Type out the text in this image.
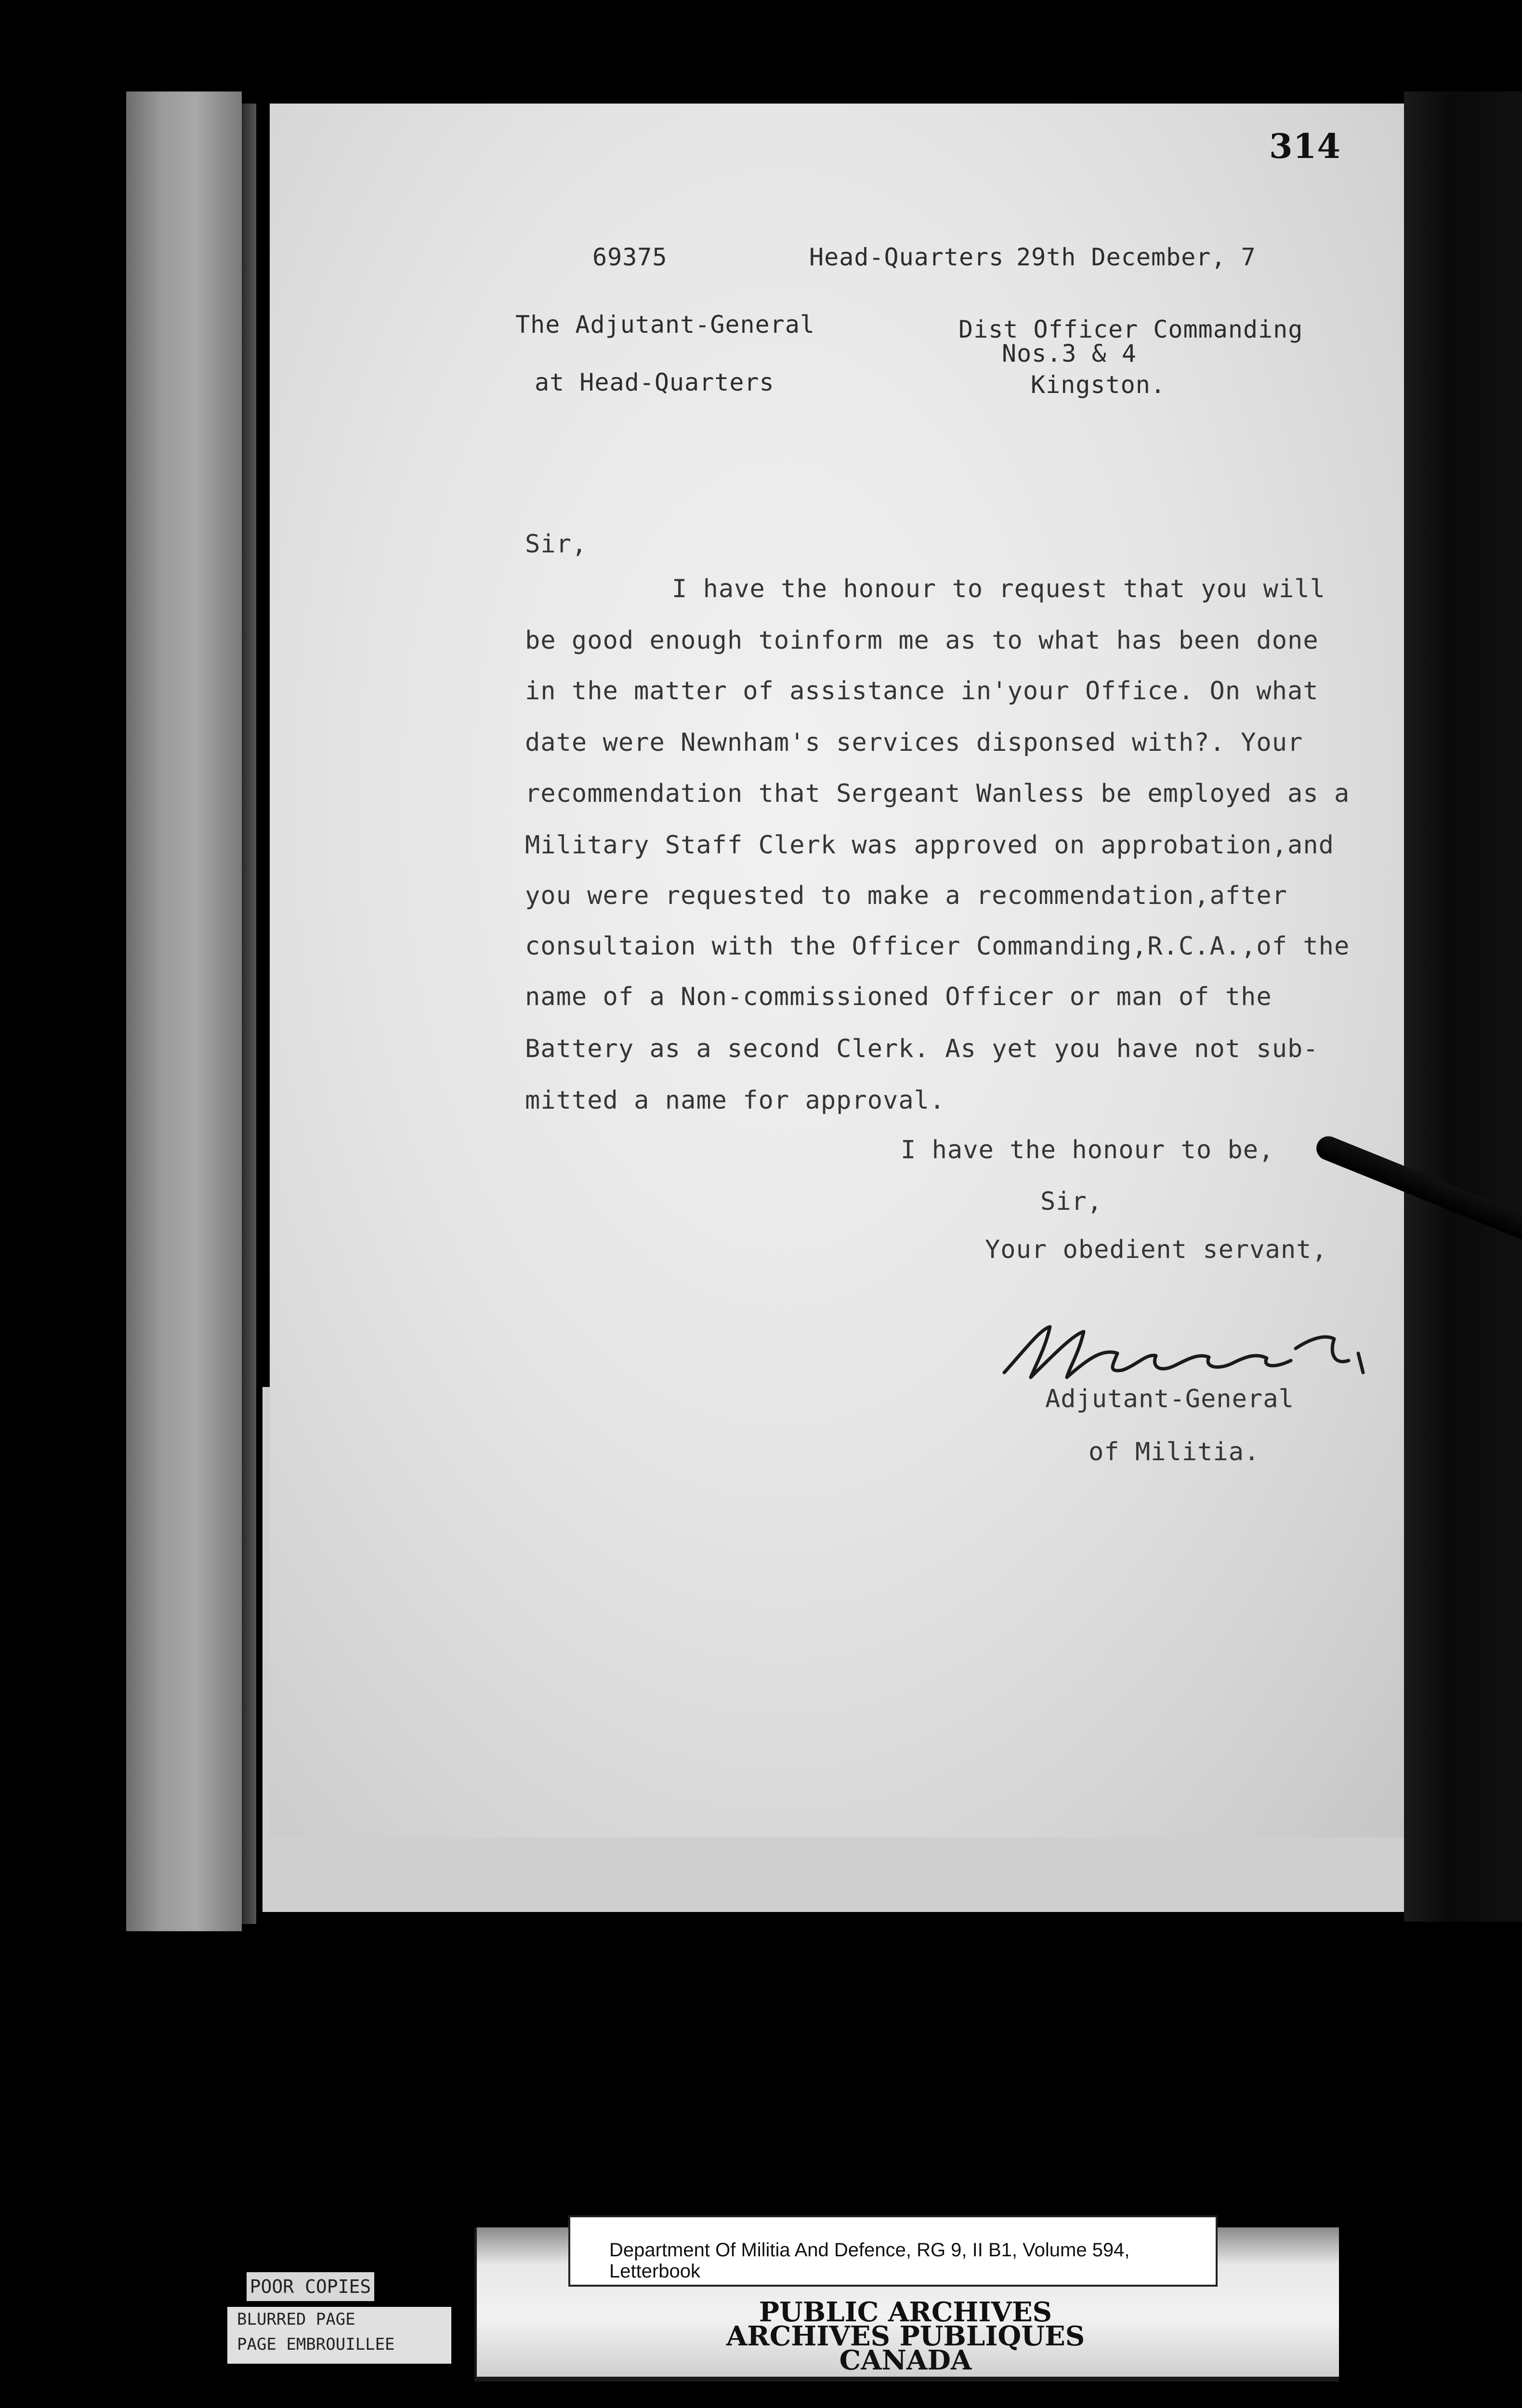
314
69375	Head-Quarters 29th December, 7
The Adjutant-General
at Head-Quarters
Dist Officer Commanding
Nos.3 & 4
Kingston.
Sir,
I have the honour to request that you will
be good enough toinform me as to what has been done
in the matter of assistance in'your Office. On what
date were Newnham's services disponsed with?. Your
recommendation that Sergeant Wanless be employed as a
Military Staff Clerk was approved on approbation,and
you were requested to make a recommendation,after
consultaion with the Officer Commanding,R.C.A.,of the
name of a Non-commissioned Officer or man of the
Battery as a second Clerk. As yet you have not sub-
mitted a name for approval.
I have the honour to be,
Sir,
Your obedient servant,
Adjutant-General
of Militia.
POOR COPIES
BLURRED PAGE
PAGE EMBROUILLEE
Department Of Militia And Defence, RG 9, II B1, Volume 594,
Letterbook
PUBLIC ARCHIVES
ARCHIVES PUBLIQUES
CANADA
